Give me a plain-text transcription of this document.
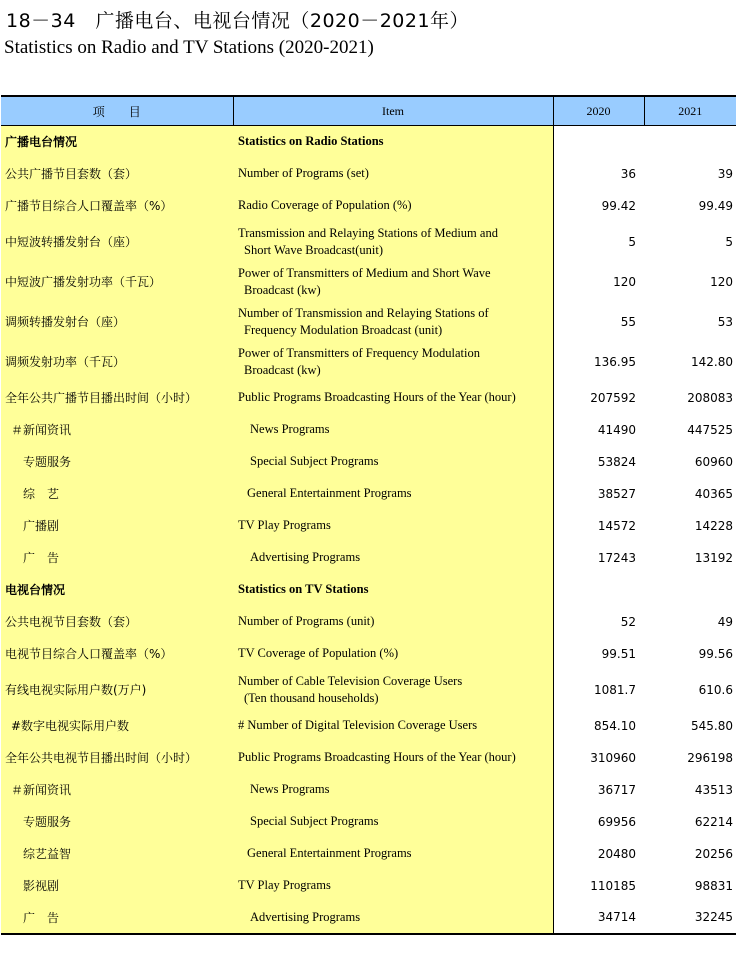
18－34　广播电台、电视台情况（2020－2021年）
Statistics on Radio and TV Stations (2020-2021)
项　　目	Item	2020	2021
广播电台情况	Statistics on Radio Stations		
公共广播节目套数（套）	Number of Programs (set)	36	39
广播节目综合人口覆盖率（%）	Radio Coverage of Population (%)	99.42	99.49
中短波转播发射台（座）	Transmission and Relaying Stations of Medium and
Short Wave Broadcast(unit)	5	5
中短波广播发射功率（千瓦）	Power of Transmitters of Medium and Short Wave
Broadcast (kw)	120	120
调频转播发射台（座）	Number of Transmission and Relaying Stations of
Frequency Modulation Broadcast (unit)	55	53
调频发射功率（千瓦）	Power of Transmitters of Frequency Modulation
Broadcast (kw)	136.95	142.80
全年公共广播节目播出时间（小时）	Public Programs Broadcasting Hours of the Year (hour)	207592	208083
＃新闻资讯	News Programs	41490	447525
专题服务	Special Subject Programs	53824	60960
综　艺	General Entertainment Programs	38527	40365
广播剧	TV Play Programs	14572	14228
广　告	Advertising Programs	17243	13192
电视台情况	Statistics on TV Stations		
公共电视节目套数（套）	Number of Programs (unit)	52	49
电视节目综合人口覆盖率（%）	TV Coverage of Population (%)	99.51	99.56
有线电视实际用户数(万户)	Number of Cable Television Coverage Users
(Ten thousand households)	1081.7	610.6
#数字电视实际用户数	# Number of Digital Television Coverage Users	854.10	545.80
全年公共电视节目播出时间（小时）	Public Programs Broadcasting Hours of the Year (hour)	310960	296198
＃新闻资讯	News Programs	36717	43513
专题服务	Special Subject Programs	69956	62214
综艺益智	General Entertainment Programs	20480	20256
影视剧	TV Play Programs	110185	98831
广　告	Advertising Programs	34714	32245
